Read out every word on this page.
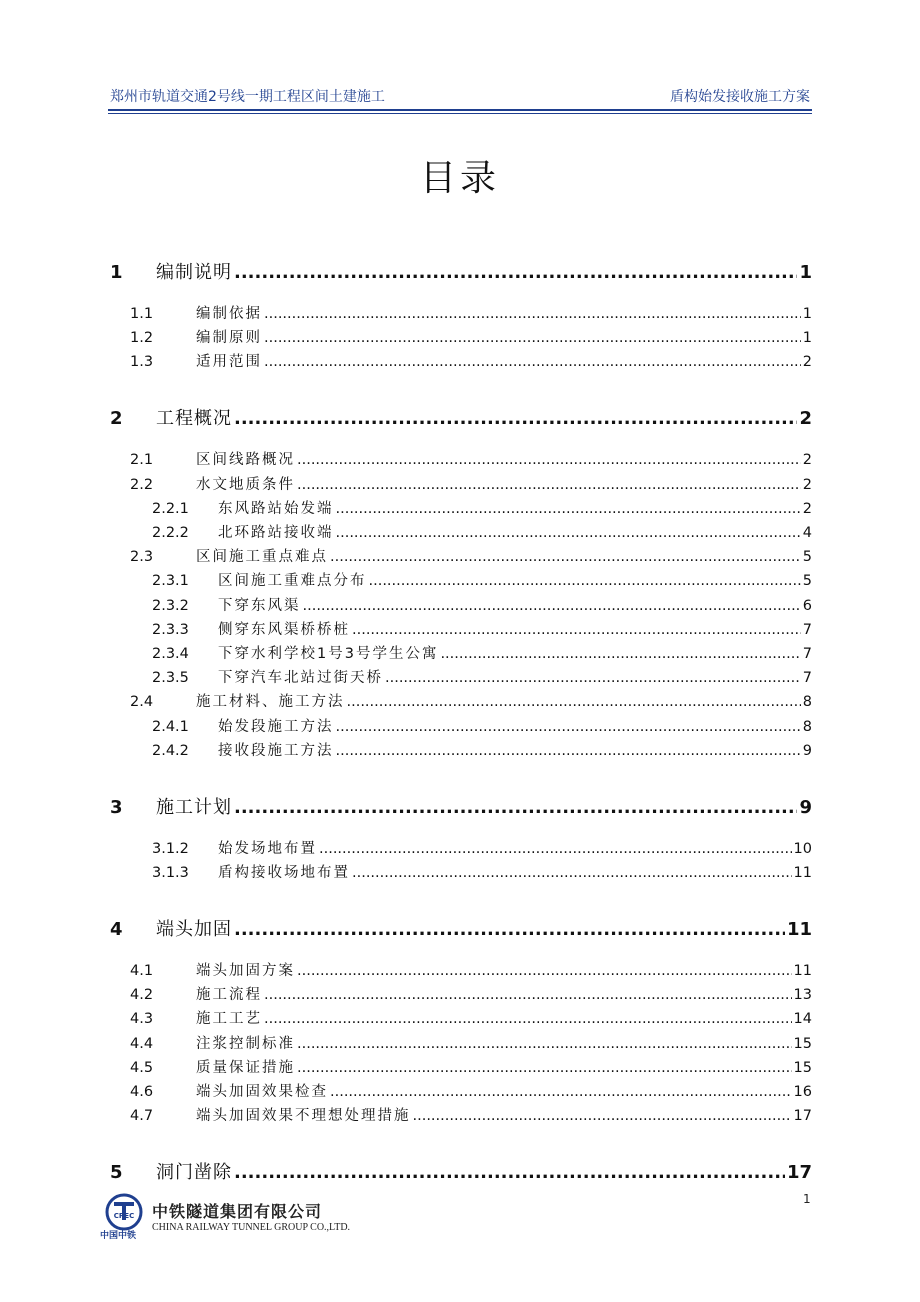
郑州市轨道交通2号线一期工程区间土建施工	盾构始发接收施工方案
目录
1	编制说明 .....	1
1.1	编制依据 .....	1
1.2	编制原则 .....	1
1.3	适用范围 .....	2
2	工程概况 .....	2
2.1	区间线路概况 .....	2
2.2	水文地质条件 .....	2
2.2.1	东风路站始发端 .....	2
2.2.2	北环路站接收端 .....	4
2.3	区间施工重点难点 .....	5
2.3.1	区间施工重难点分布 .....	5
2.3.2	下穿东风渠 .....	6
2.3.3	侧穿东风渠桥桥桩 .....	7
2.3.4	下穿水利学校1号3号学生公寓 .....	7
2.3.5	下穿汽车北站过街天桥 .....	7
2.4	施工材料、施工方法 .....	8
2.4.1	始发段施工方法 .....	8
2.4.2	接收段施工方法 .....	9
3	施工计划 .....	9
3.1.2	始发场地布置 .....	10
3.1.3	盾构接收场地布置 .....	11
4	端头加固 .....	11
4.1	端头加固方案 .....	11
4.2	施工流程 .....	13
4.3	施工工艺 .....	14
4.4	注浆控制标准 .....	15
4.5	质量保证措施 .....	15
4.6	端头加固效果检查 .....	16
4.7	端头加固效果不理想处理措施 .....	17
5	洞门凿除 .....	17
CREC
中国中铁
中铁隧道集团有限公司
CHINA RAILWAY TUNNEL GROUP CO.,LTD.
1
